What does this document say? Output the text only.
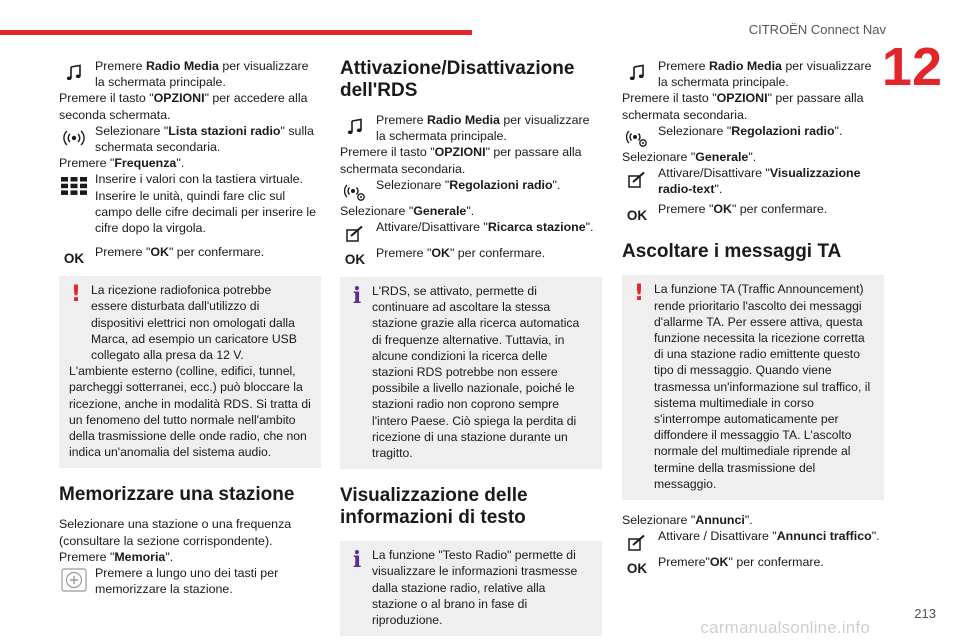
CITROËN Connect Nav
12
Premere Radio Media per visualizzare la schermata principale.
Premere il tasto "OPZIONI" per accedere alla seconda schermata.
Selezionare "Lista stazioni radio" sulla schermata secondaria.
Premere "Frequenza".
Inserire i valori con la tastiera virtuale. Inserire le unità, quindi fare clic sul campo delle cifre decimali per inserire le cifre dopo la virgola.
OK Premere "OK" per confermare.
! La ricezione radiofonica potrebbe essere disturbata dall'utilizzo di dispositivi elettrici non omologati dalla Marca, ad esempio un caricatore USB collegato alla presa da 12 V.
L'ambiente esterno (colline, edifici, tunnel, parcheggi sotterranei, ecc.) può bloccare la ricezione, anche in modalità RDS. Si tratta di un fenomeno del tutto normale nell'ambito della trasmissione delle onde radio, che non indica un'anomalia del sistema audio.
Memorizzare una stazione
Selezionare una stazione o una frequenza (consultare la sezione corrispondente).
Premere "Memoria".
Premere a lungo uno dei tasti per memorizzare la stazione.
Attivazione/Disattivazione dell'RDS
Premere Radio Media per visualizzare la schermata principale.
Premere il tasto "OPZIONI" per passare alla schermata secondaria.
Selezionare "Regolazioni radio".
Selezionare "Generale".
Attivare/Disattivare "Ricarca stazione".
OK Premere "OK" per confermare.
i L'RDS, se attivato, permette di continuare ad ascoltare la stessa stazione grazie alla ricerca automatica di frequenze alternative. Tuttavia, in alcune condizioni la ricerca delle stazioni RDS potrebbe non essere possibile a livello nazionale, poiché le stazioni radio non coprono sempre l'intero Paese. Ciò spiega la perdita di ricezione di una stazione durante un tragitto.
Visualizzazione delle informazioni di testo
i La funzione "Testo Radio" permette di visualizzare le informazioni trasmesse dalla stazione radio, relative alla stazione o al brano in fase di riproduzione.
Premere Radio Media per visualizzare la schermata principale.
Premere il tasto "OPZIONI" per passare alla schermata secondaria.
Selezionare "Regolazioni radio".
Selezionare "Generale".
Attivare/Disattivare "Visualizzazione radio-text".
OK Premere "OK" per confermare.
Ascoltare i messaggi TA
! La funzione TA (Traffic Announcement) rende prioritario l'ascolto dei messaggi d'allarme TA. Per essere attiva, questa funzione necessita la ricezione corretta di una stazione radio emittente questo tipo di messaggio. Quando viene trasmessa un'informazione sul traffico, il sistema multimediale in corso s'interrompe automaticamente per diffondere il messaggio TA. L'ascolto normale del multimediale riprende al termine della trasmissione del messaggio.
Selezionare "Annunci".
Attivare / Disattivare "Annunci traffico".
OK Premere"OK" per confermare.
carmanualsonline.info
213
